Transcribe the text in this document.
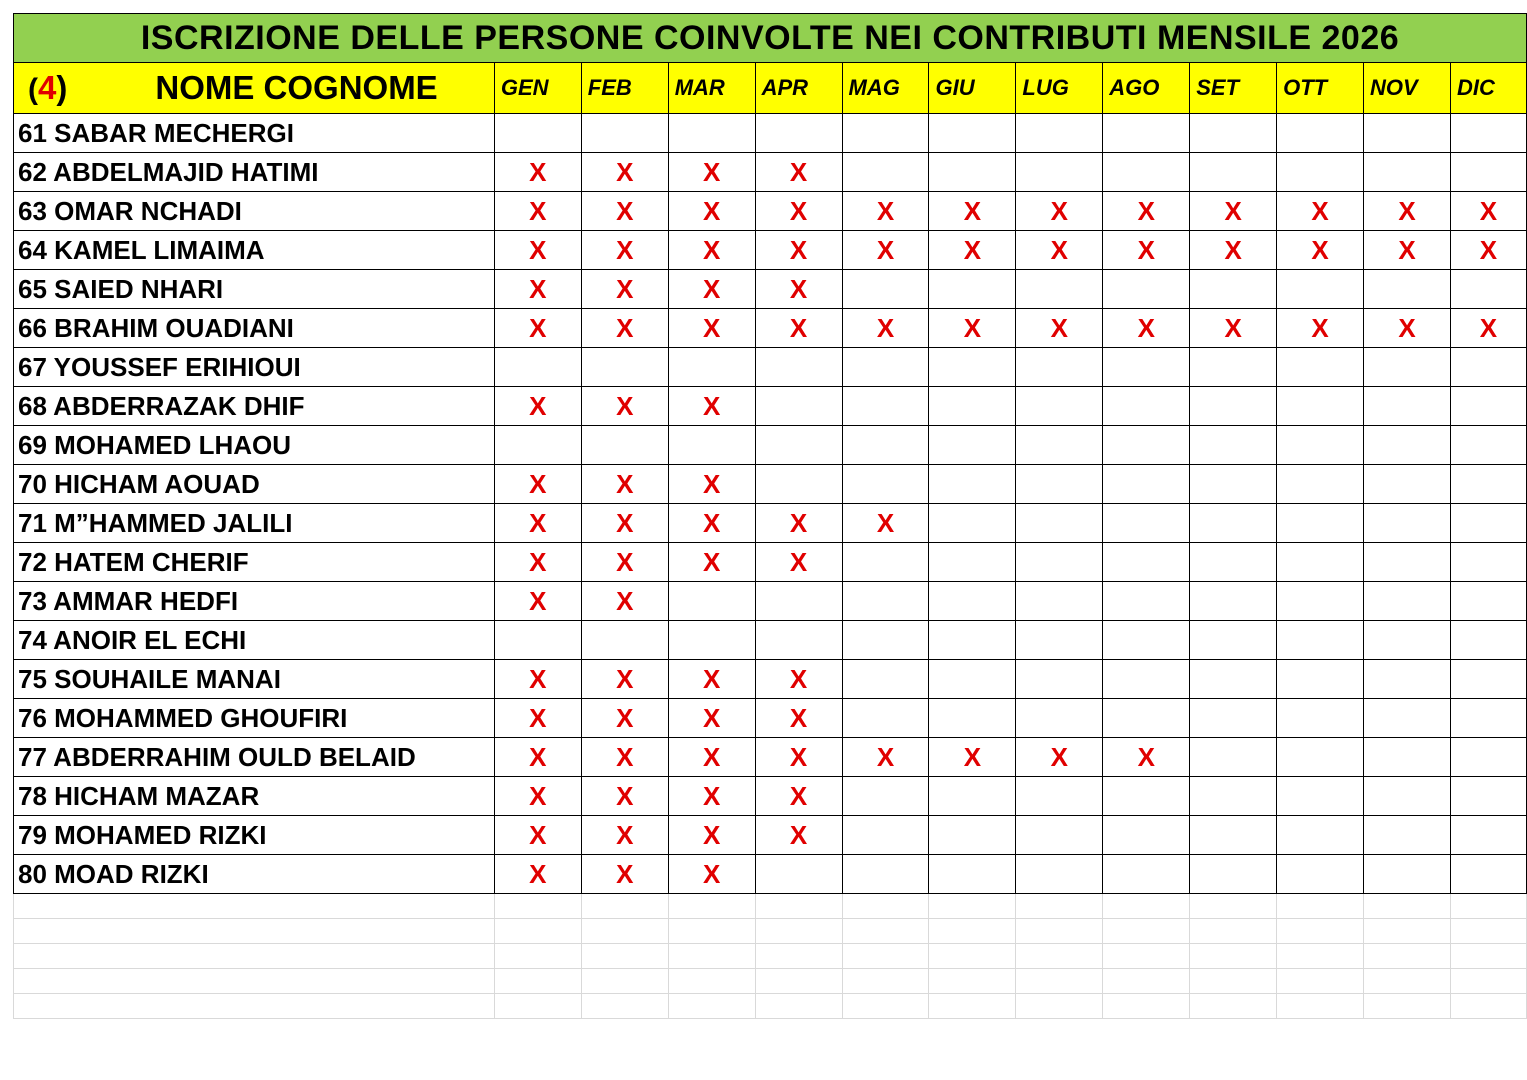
ISCRIZIONE DELLE PERSONE COINVOLTE NEI CONTRIBUTI MENSILE 2026												
(4) NOME COGNOME	GEN	FEB	MAR	APR	MAG	GIU	LUG	AGO	SET	OTT	NOV	DIC
61 SABAR MECHERGI												
62 ABDELMAJID HATIMI	X	X	X	X								
63 OMAR NCHADI	X	X	X	X	X	X	X	X	X	X	X	X
64 KAMEL LIMAIMA	X	X	X	X	X	X	X	X	X	X	X	X
65 SAIED NHARI	X	X	X	X								
66 BRAHIM OUADIANI	X	X	X	X	X	X	X	X	X	X	X	X
67 YOUSSEF ERIHIOUI												
68 ABDERRAZAK DHIF	X	X	X									
69 MOHAMED LHAOU												
70 HICHAM AOUAD	X	X	X									
71 M”HAMMED JALILI	X	X	X	X	X							
72 HATEM CHERIF	X	X	X	X								
73 AMMAR HEDFI	X	X										
74 ANOIR EL ECHI												
75 SOUHAILE MANAI	X	X	X	X								
76 MOHAMMED GHOUFIRI	X	X	X	X								
77 ABDERRAHIM OULD BELAID	X	X	X	X	X	X	X	X				
78 HICHAM MAZAR	X	X	X	X								
79 MOHAMED RIZKI	X	X	X	X								
80 MOAD RIZKI	X	X	X									
